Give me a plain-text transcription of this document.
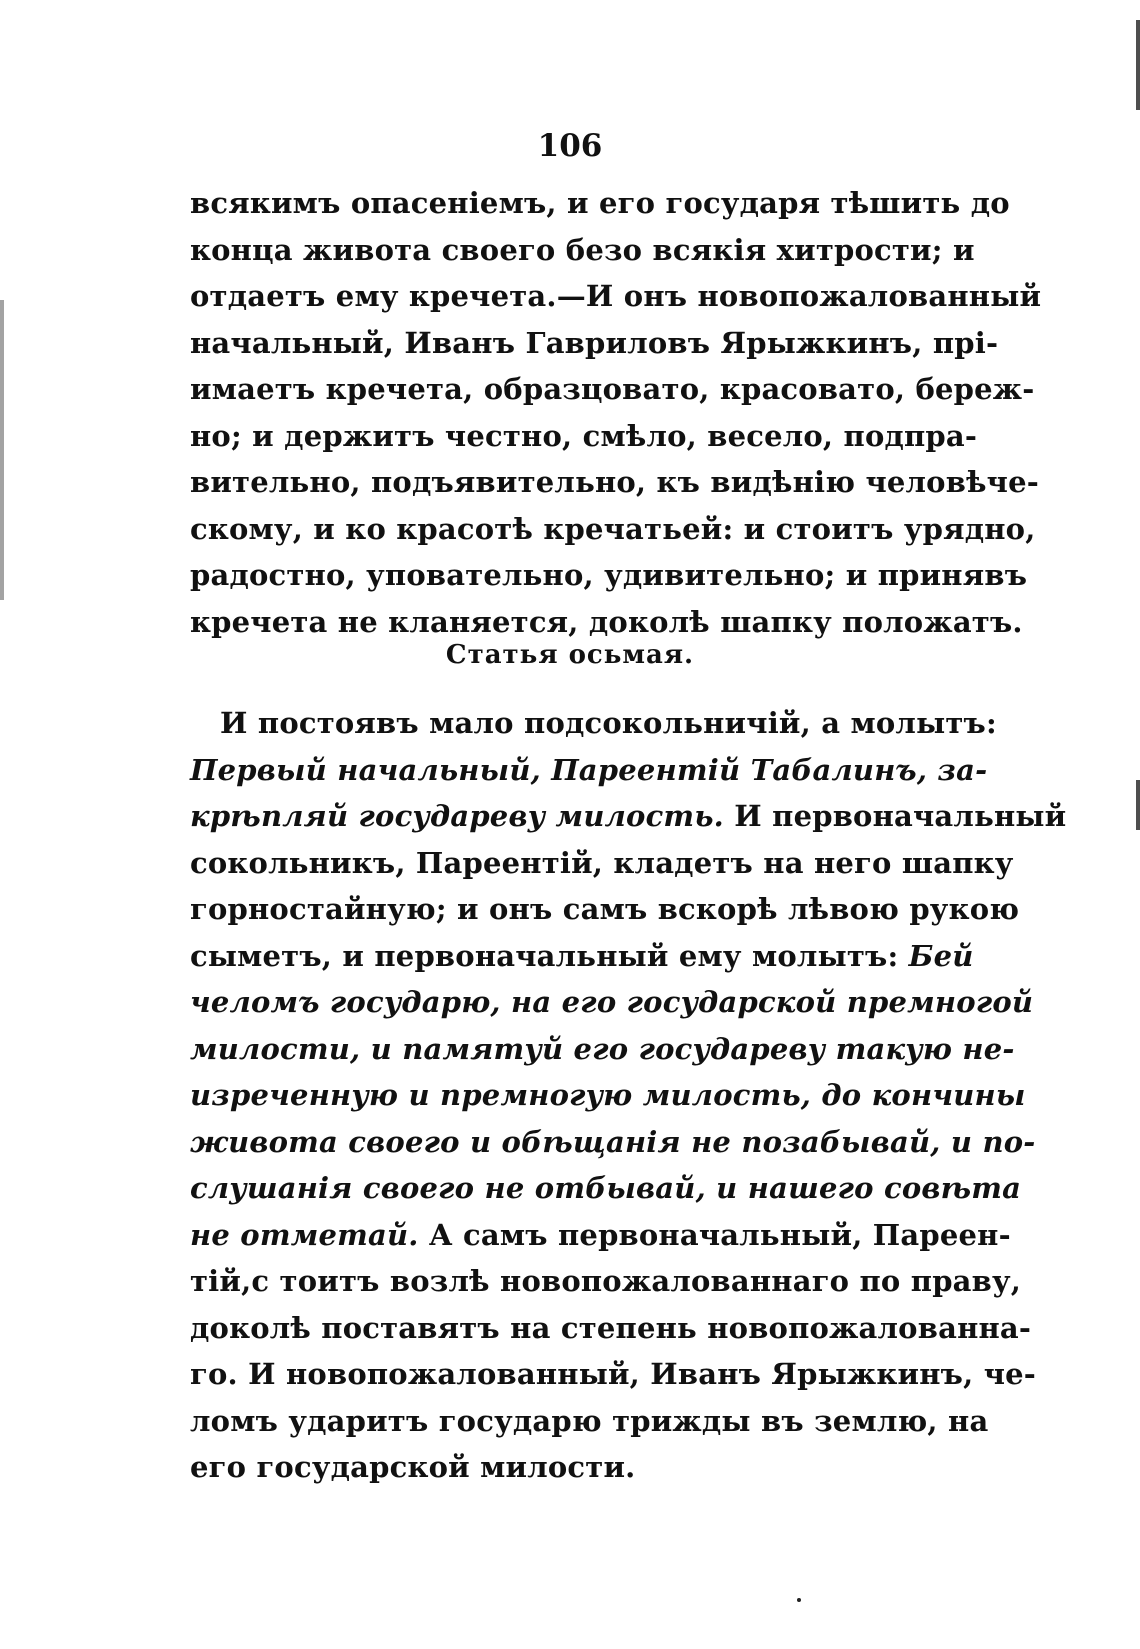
106
всякимъ опасеніемъ, и его государя тѣшить до
конца живота своего безо всякія хитрости; и
отдаетъ ему кречета.—И онъ новопожалованный
начальный, Иванъ Гавриловъ Ярыжкинъ, прі-
имаетъ кречета, образцовато, красовато, береж‑
но; и держитъ честно, смѣло, весело, подпра-
вительно, подъявительно, къ видѣнію человѣче-
скому, и ко красотѣ кречатьей: и стоитъ урядно,
радостно, уповательно, удивительно; и принявъ
кречета не кланяется, доколѣ шапку положатъ.
Статья осьмая.
И постоявъ мало подсокольничій, а молытъ:
Первый начальный, Пареентій Табалинъ, за-
крѣпляй государеву милость. И первоначальный
сокольникъ, Пареентій, кладетъ на него шапку
горностайную; и онъ самъ вскорѣ лѣвою рукою
сыметъ, и первоначальный ему молытъ: Бей
челомъ государю, на его государской премногой
милости, и памятуй его государеву такую не-
изреченную и премногую милость, до кончины
живота своего и обѣщанія не позабывай, и по-
слушанія своего не отбывай, и нашего совѣта
не отметай. А самъ первоначальный, Пареен-
тій,с тоитъ возлѣ новопожалованнаго по праву,
доколѣ поставятъ на степень новопожалованна-
го. И новопожалованный, Иванъ Ярыжкинъ, че-
ломъ ударитъ государю трижды въ землю, на
его государской милости.
